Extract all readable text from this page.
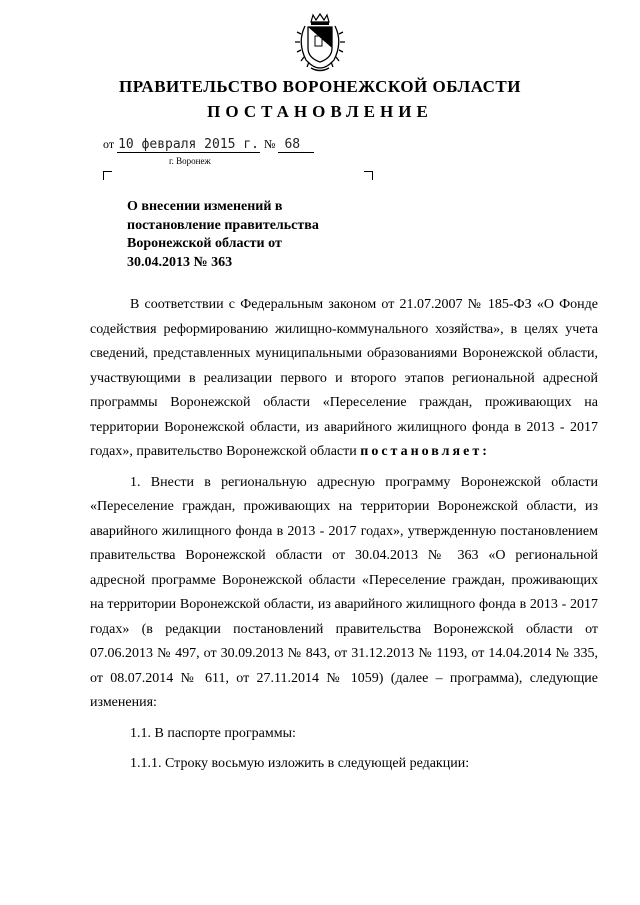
ПРАВИТЕЛЬСТВО ВОРОНЕЖСКОЙ ОБЛАСТИ
ПОСТАНОВЛЕНИЕ
от 10 февраля 2015 г. № 68
г. Воронеж
О внесении изменений в
постановление правительства
Воронежской области от
30.04.2013 № 363

В соответствии с Федеральным законом от 21.07.2007 № 185-ФЗ «О Фонде содействия реформированию жилищно-коммунального хозяйства», в целях учета сведений, представленных муниципальными образованиями Воронежской области, участвующими в реализации первого и второго этапов региональной адресной программы Воронежской области «Переселение граждан, проживающих на территории Воронежской области, из аварийного жилищного фонда в 2013 - 2017 годах», правительство Воронежской области постановляет:

1. Внести в региональную адресную программу Воронежской области «Переселение граждан, проживающих на территории Воронежской области, из аварийного жилищного фонда в 2013 - 2017 годах», утвержденную постановлением правительства Воронежской области от 30.04.2013 № 363 «О региональной адресной программе Воронежской области «Переселение граждан, проживающих на территории Воронежской области, из аварийного жилищного фонда в 2013 - 2017 годах» (в редакции постановлений правительства Воронежской области от 07.06.2013 № 497, от 30.09.2013 № 843, от 31.12.2013 № 1193, от 14.04.2014 № 335, от 08.07.2014 № 611, от 27.11.2014 № 1059) (далее – программа), следующие изменения:

1.1. В паспорте программы:

1.1.1. Строку восьмую изложить в следующей редакции:
